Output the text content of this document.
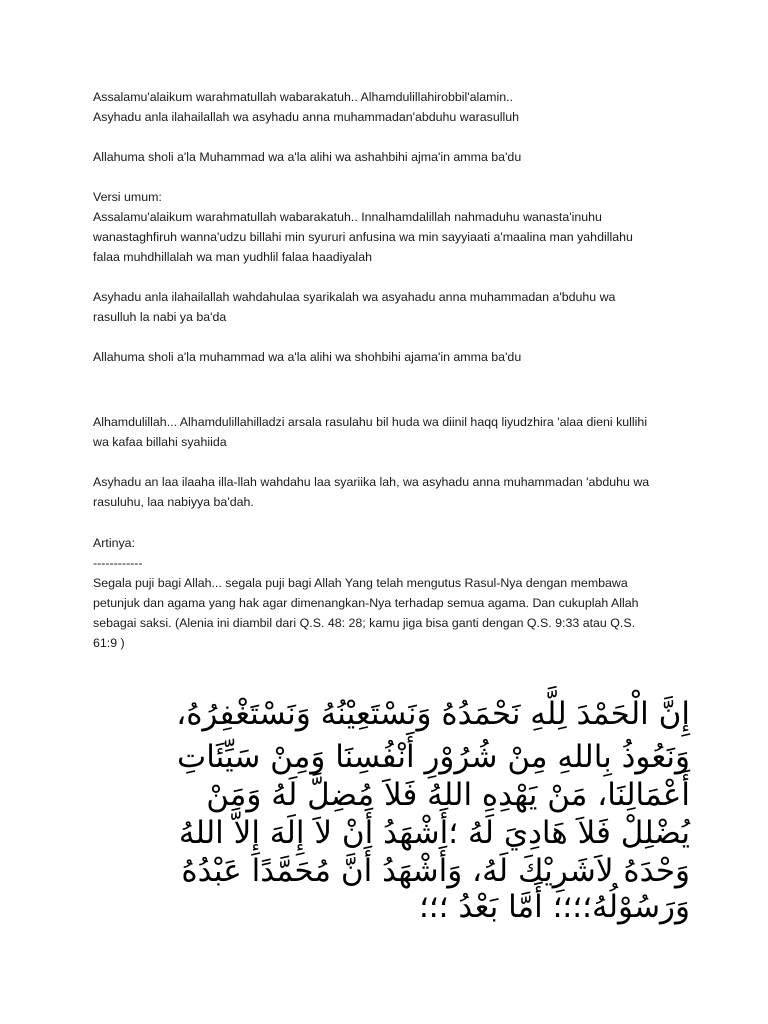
Assalamu'alaikum warahmatullah wabarakatuh.. Alhamdulillahirobbil'alamin..
Asyhadu anla ilahailallah wa asyhadu anna muhammadan'abduhu warasulluh
Allahuma sholi a'la Muhammad wa a'la alihi wa ashahbihi ajma'in amma ba'du
Versi umum:
Assalamu'alaikum warahmatullah wabarakatuh.. Innalhamdalillah nahmaduhu wanasta'inuhu
wanastaghfiruh wanna'udzu billahi min syururi anfusina wa min sayyiaati a'maalina man yahdillahu
falaa muhdhillalah wa man yudhlil falaa haadiyalah
Asyhadu anla ilahailallah wahdahulaa syarikalah wa asyahadu anna muhammadan a'bduhu wa
rasulluh la nabi ya ba'da
Allahuma sholi a'la muhammad wa a'la alihi wa shohbihi ajama'in amma ba'du
Alhamdulillah... Alhamdulillahilladzi arsala rasulahu bil huda wa diinil haqq liyudzhira 'alaa dieni kullihi
wa kafaa billahi syahiida
Asyhadu an laa ilaaha illa-llah wahdahu laa syariika lah, wa asyhadu anna muhammadan 'abduhu wa
rasuluhu, laa nabiyya ba'dah.
Artinya:
------------
Segala puji bagi Allah... segala puji bagi Allah Yang telah mengutus Rasul-Nya dengan membawa
petunjuk dan agama yang hak agar dimenangkan-Nya terhadap semua agama. Dan cukuplah Allah
sebagai saksi. (Alenia ini diambil dari Q.S. 48: 28; kamu jiga bisa ganti dengan Q.S. 9:33 atau Q.S.
61:9 )
إِنَّ الْحَمْدَ لِلَّهِ نَحْمَدُهُ وَنَسْتَعِيْنُهُ وَنَسْتَغْفِرُهُ،
وَنَعُوذُ بِاللهِ مِنْ شُرُوْرِ أَنْفُسِنَا وَمِنْ سَيِّئَاتِ
أَعْمَالِنَا، مَنْ يَهْدِهِ اللهُ فَلاَ مُضِلَّ لَهُ وَمَنْ
يُضْلِلْ فَلاَ هَادِيَ لَهُ ؛أَشْهَدُ أَنْ لاَ إِلَهَ إِلاَّ اللهُ
وَحْدَهُ لاَشَرِيْكَ لَهُ، وَأَشْهَدُ أَنَّ مُحَمَّدًا عَبْدُهُ
وَرَسُوْلُهُ؛؛؛؛ أَمَّا بَعْدُ ؛؛؛
